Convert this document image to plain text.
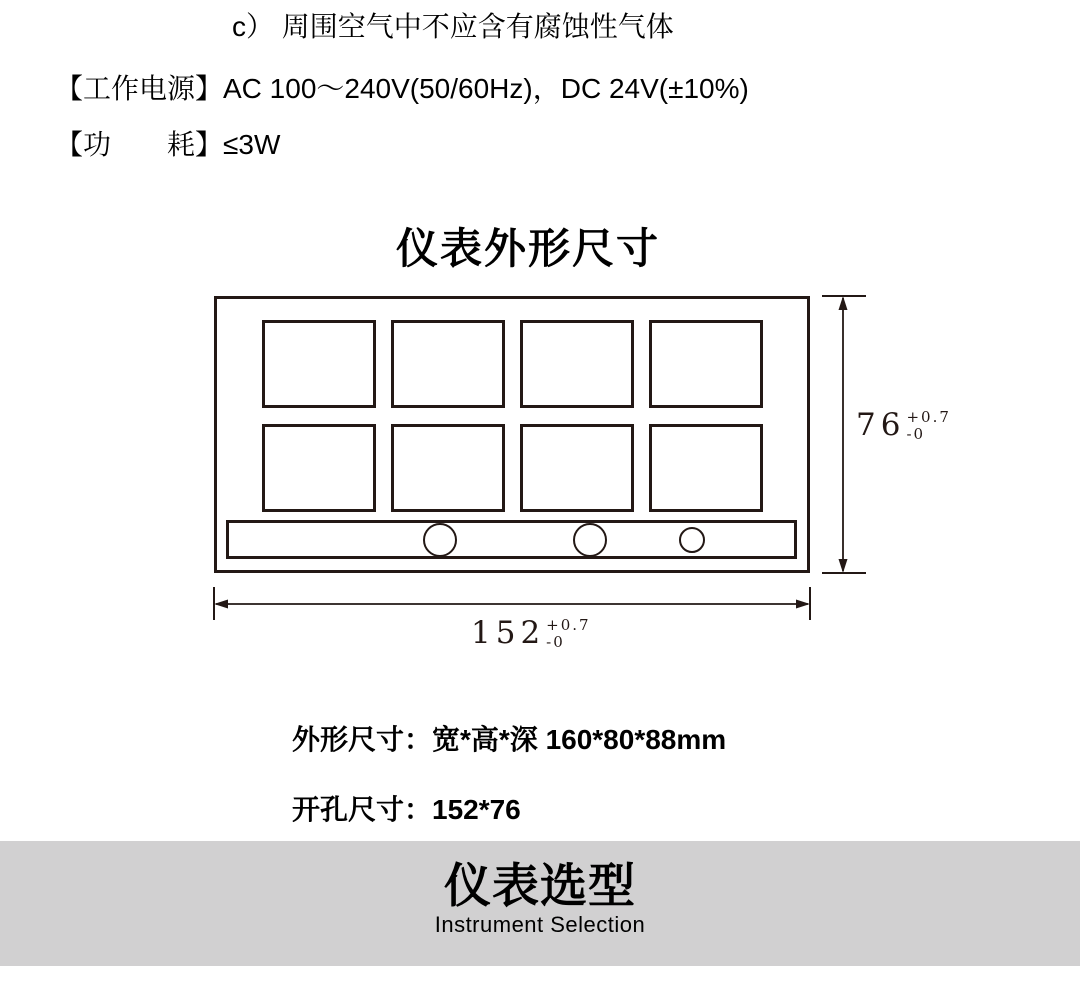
c） 周围空气中不应含有腐蚀性气体
【工作电源】AC 100～240V(50/60Hz)，DC 24V(±10%)
【功　　耗】≤3W
仪表外形尺寸
76 +0.7
-0
152 +0.7
-0
外形尺寸：宽*高*深 160*80*88mm
开孔尺寸：152*76
仪表选型
Instrument Selection
